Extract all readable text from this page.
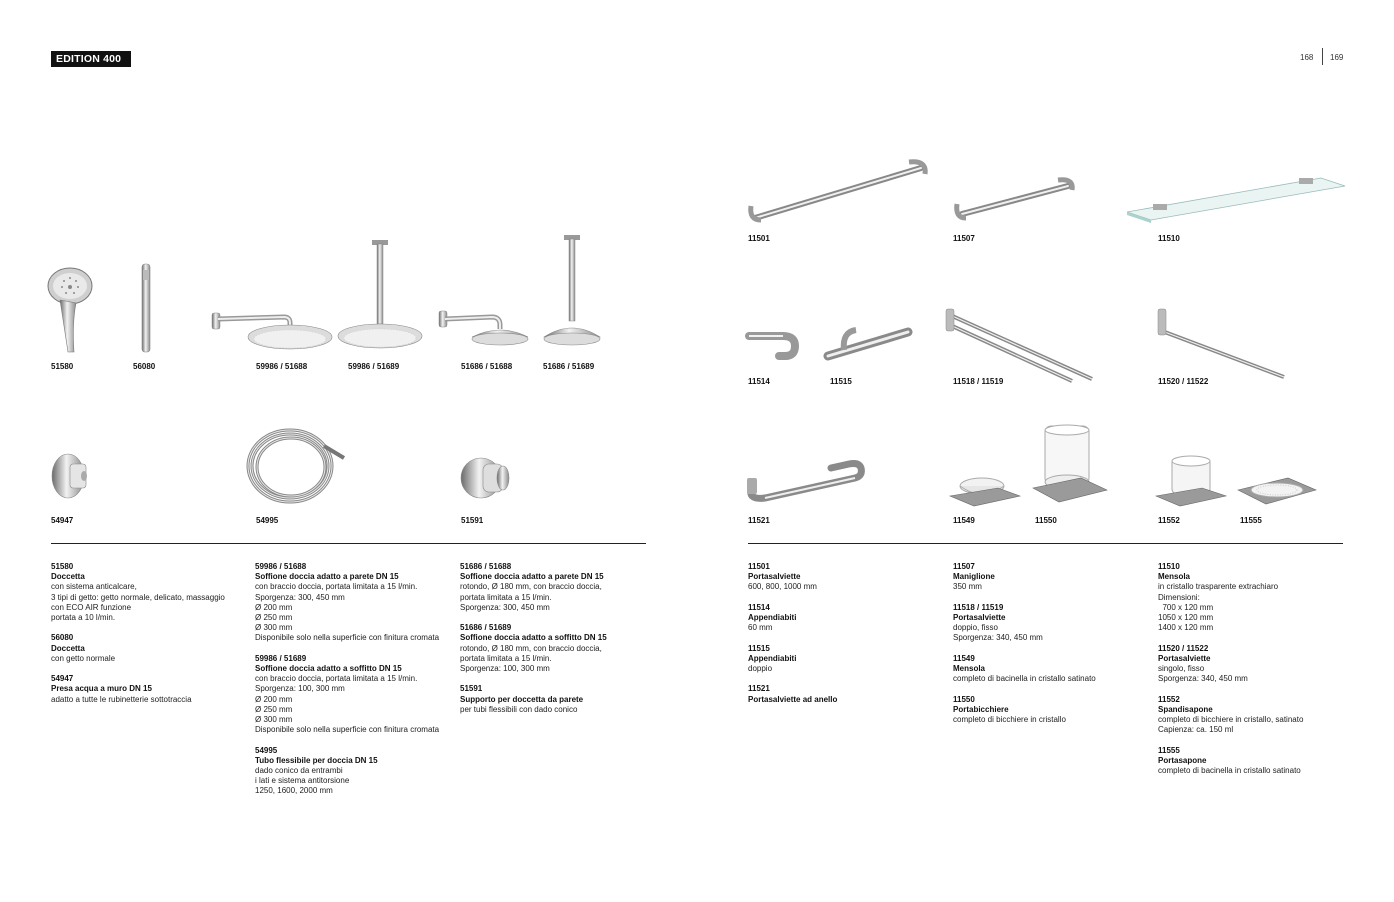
EDITION 400	168 169
51580	56080	59986 / 51688	59986 / 51689	51686 / 51688	51686 / 51689
54947	54995	51591
11501	11507	11510
11514	11515	11518 / 11519	11520 / 11522
11521	11549	11550	11552	11555
51580
Doccetta
con sistema anticalcare,
3 tipi di getto: getto normale, delicato, massaggio
con ECO AIR funzione
portata a 10 l/min.
56080
Doccetta
con getto normale
54947
Presa acqua a muro DN 15
adatto a tutte le rubinetterie sottotraccia
59986 / 51688
Soffione doccia adatto a parete DN 15
con braccio doccia, portata limitata a 15 l/min.
Sporgenza: 300, 450 mm
Ø 200 mm
Ø 250 mm
Ø 300 mm
Disponibile solo nella superficie con finitura cromata
59986 / 51689
Soffione doccia adatto a soffitto DN 15
con braccio doccia, portata limitata a 15 l/min.
Sporgenza: 100, 300 mm
Ø 200 mm
Ø 250 mm
Ø 300 mm
Disponibile solo nella superficie con finitura cromata
54995
Tubo flessibile per doccia DN 15
dado conico da entrambi
i lati e sistema antitorsione
1250, 1600, 2000 mm
51686 / 51688
Soffione doccia adatto a parete DN 15
rotondo, Ø 180 mm, con braccio doccia,
portata limitata a 15 l/min.
Sporgenza: 300, 450 mm
51686 / 51689
Soffione doccia adatto a soffitto DN 15
rotondo, Ø 180 mm, con braccio doccia,
portata limitata a 15 l/min.
Sporgenza: 100, 300 mm
51591
Supporto per doccetta da parete
per tubi flessibili con dado conico
11501
Portasalviette
600, 800, 1000 mm
11514
Appendiabiti
60 mm
11515
Appendiabiti
doppio
11521
Portasalviette ad anello
11507
Maniglione
350 mm
11518 / 11519
Portasalviette
doppio, fisso
Sporgenza: 340, 450 mm
11549
Mensola
completo di bacinella in cristallo satinato
11550
Portabicchiere
completo di bicchiere in cristallo
11510
Mensola
in cristallo trasparente extrachiaro
Dimensioni:
700 x 120 mm
1050 x 120 mm
1400 x 120 mm
11520 / 11522
Portasalviette
singolo, fisso
Sporgenza: 340, 450 mm
11552
Spandisapone
completo di bicchiere in cristallo, satinato
Capienza: ca. 150 ml
11555
Portasapone
completo di bacinella in cristallo satinato
